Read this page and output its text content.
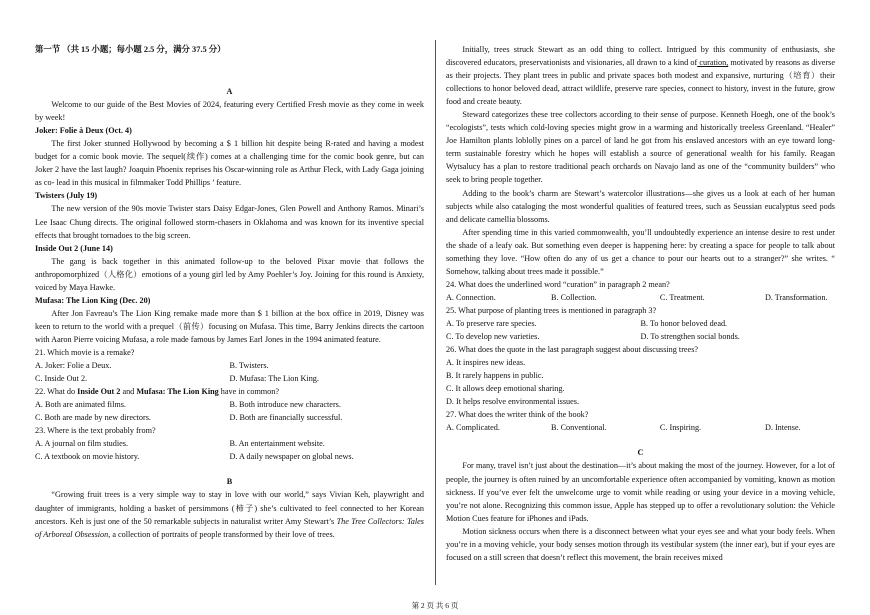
第一节 （共 15 小题；每小题 2.5 分，满分 37.5 分）

A

Welcome to our guide of the Best Movies of 2024, featuring every Certified Fresh movie as they come in week by week!

Joker: Folie à Deux (Oct. 4)

The first Joker stunned Hollywood by becoming a $ 1 billion hit despite being R-rated and having a modest budget for a comic book movie. The sequel(续作) comes at a challenging time for the comic book genre, but can Joker 2 have the last laugh? Joaquin Phoenix reprises his Oscar-winning role as Arthur Fleck, with Lady Gaga joining as co- lead in this musical in filmmaker Todd Phillips ’ feature.

Twisters (July 19)

The new version of the 90s movie Twister stars Daisy Edgar-Jones, Glen Powell and Anthony Ramos. Minari’s Lee Isaac Chung directs. The original followed storm-chasers in Oklahoma and was known for its inventive special effects that brought tornadoes to the big screen.

Inside Out 2 (June 14)

The gang is back together in this animated follow-up to the beloved Pixar movie that follows the anthropomorphized（人格化）emotions of a young girl led by Amy Poehler’s Joy. Joining for this round is Anxiety, voiced by Maya Hawke.

Mufasa: The Lion King (Dec. 20)

After Jon Favreau’s The Lion King remake made more than $ 1 billion at the box office in 2019, Disney was keen to return to the world with a prequel（前传）focusing on Mufasa. This time, Barry Jenkins directs the cartoon with Aaron Pierre voicing Mufasa, a role made famous by James Earl Jones in the 1994 animated feature.

21. Which movie is a remake?

A. Joker: Folie a Deux.	B. Twisters.
C. Inside Out 2.	D. Mufasa: The Lion King.

22. What do Inside Out 2 and Mufasa: The Lion King have in common?

A. Both are animated films.	B. Both introduce new characters.
C. Both are made by new directors.	D. Both are financially successful.

23. Where is the text probably from?

A. A journal on film studies.	B. An entertainment website.
C. A textbook on movie history.	D. A daily newspaper on global news.

B

“Growing fruit trees is a very simple way to stay in love with our world,” says Vivian Keh, playwright and daughter of immigrants, holding a basket of persimmons (柿子) she’s cultivated to feel connected to her Korean ancestors. Keh is just one of the 50 remarkable subjects in naturalist writer Amy Stewart’s The Tree Collectors: Tales of Arboreal Obsession, a collection of portraits of people transformed by their love of trees.

Initially, trees struck Stewart as an odd thing to collect. Intrigued by this community of enthusiasts, she discovered educators, preservationists and visionaries, all drawn to a kind of curation, motivated by reasons as diverse as their projects. They plant trees in public and private spaces both modest and expansive, nurturing（培育）their collections to honor beloved dead, attract wildlife, preserve rare species, connect to history, invest in the future, grow food and create beauty.

Steward categorizes these tree collectors according to their sense of purpose. Kenneth Hoegh, one of the book’s “ecologists”, tests which cold-loving species might grow in a warming and historically treeless Greenland. “Healer” Joe Hamilton plants loblolly pines on a parcel of land he got from his enslaved ancestors with an eye toward long-term sustainable forestry which he hopes will establish a source of generational wealth for his family. Reagan Wytsalucy has a plan to restore traditional peach orchards on Navajo land as one of the “community builders” who seek to bring people together.

Adding to the book’s charm are Stewart’s watercolor illustrations—she gives us a look at each of her human subjects while also cataloging the most wonderful qualities of featured trees, such as Seussian eucalyptus seed pods and delicate camellia blossoms.

After spending time in this varied commonwealth, you’ll undoubtedly experience an intense desire to rest under the shade of a leafy oak. But something even deeper is happening here: by creating a space for people to talk about something they love. “How often do any of us get a chance to pour our hearts out to a stranger?” she writes. “ Somehow, talking about trees made it possible.”

24. What does the underlined word “curation” in paragraph 2 mean?

A. Connection.	B. Collection.	C. Treatment.	D. Transformation.

25. What purpose of planting trees is mentioned in paragraph 3?

A. To preserve rare species.	B. To honor beloved dead.
C. To develop new varieties.	D. To strengthen social bonds.

26. What does the quote in the last paragraph suggest about discussing trees?

A. It inspires new ideas.

B. It rarely happens in public.

C. It allows deep emotional sharing.

D. It helps resolve environmental issues.

27. What does the writer think of the book?

A. Complicated.	B. Conventional.	C. Inspiring.	D. Intense.

C

For many, travel isn’t just about the destination—it’s about making the most of the journey. However, for a lot of people, the journey is often ruined by an uncomfortable experience often accompanied by vomiting, known as motion sickness. If you’ve ever felt the unwelcome urge to vomit while reading or using your device in a moving vehicle, you’re not alone. Recognizing this common issue, Apple has stepped up to offer a revolutionary solution: the Vehicle Motion Cues feature for iPhones and iPads.

Motion sickness occurs when there is a disconnect between what your eyes see and what your body feels. When you’re in a moving vehicle, your body senses motion through its vestibular system (the inner ear), but if your eyes are focused on a still screen that doesn’t reflect this movement, the brain receives mixed

第 2 页 共 6 页
